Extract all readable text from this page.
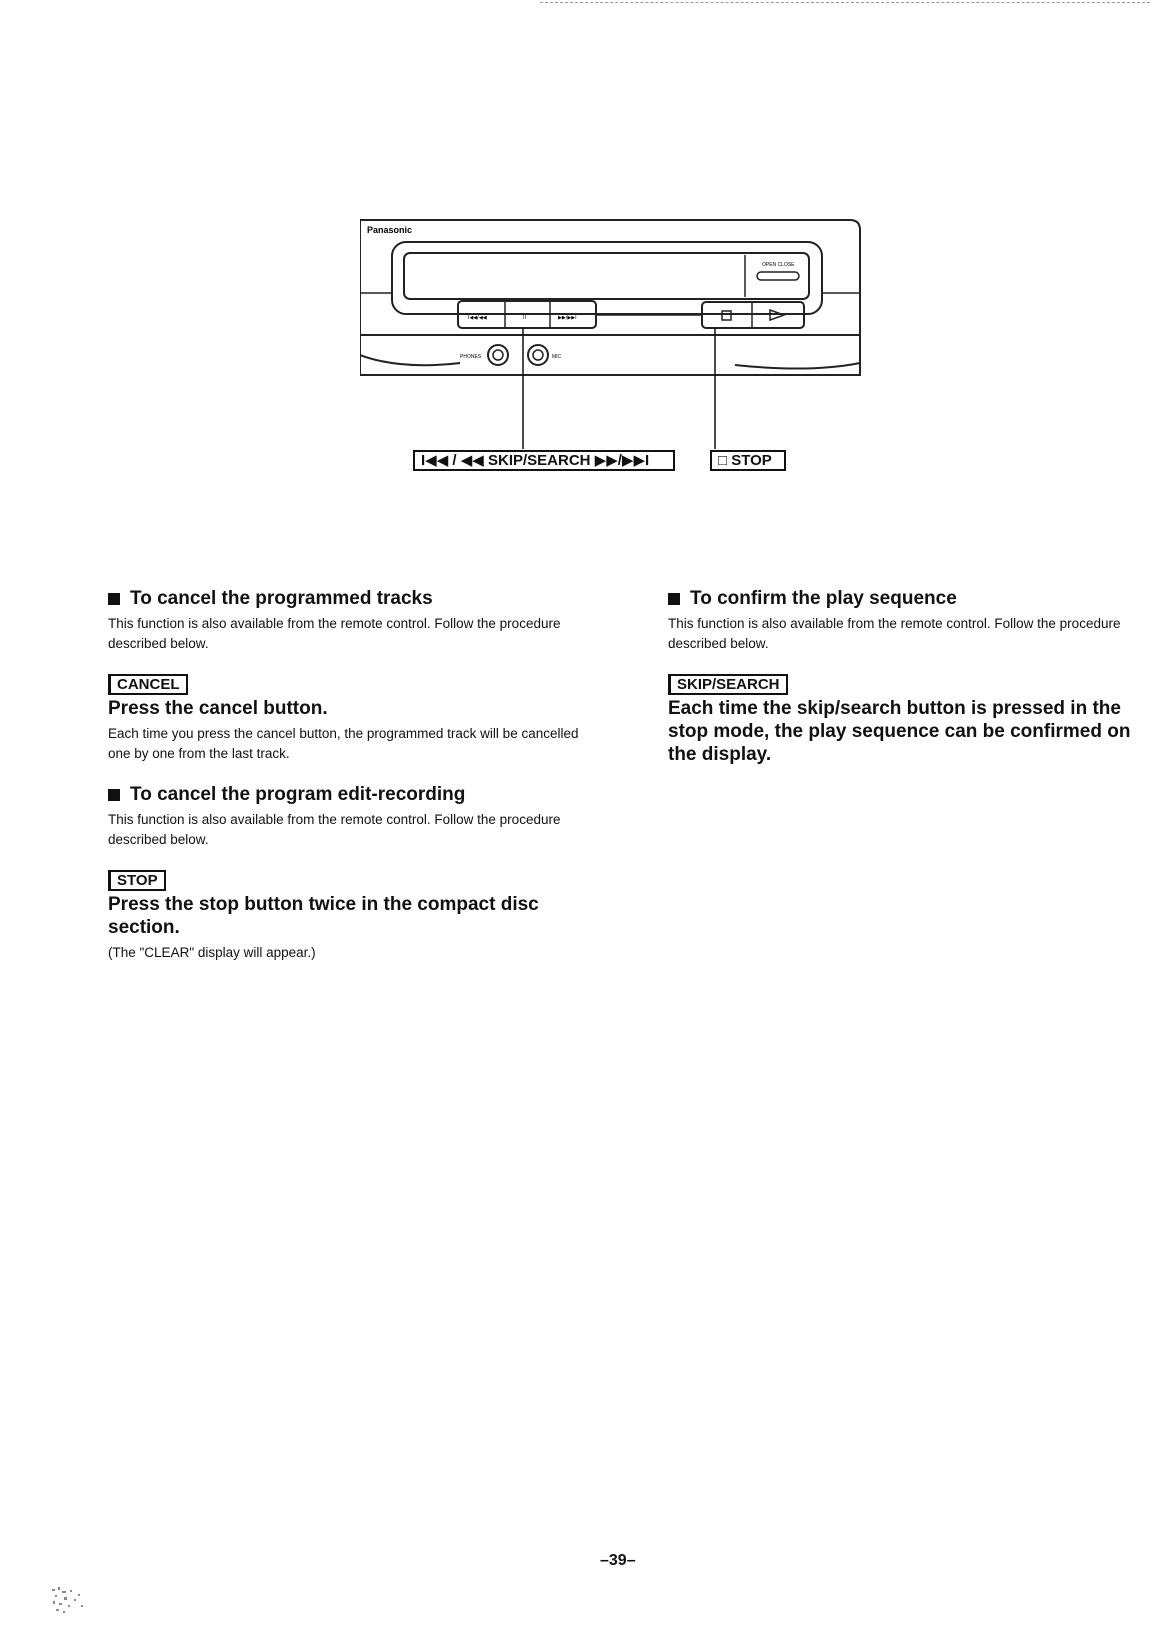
OPEN CLOSE
I◀◀/◀◀	II	▶▶/▶▶I
PHONES	MIC
Panasonic
I◀◀ / ◀◀ SKIP/SEARCH ▶▶/▶▶I	□ STOP
To cancel the programmed tracks

This function is also available from the remote control. Follow the procedure described below.

CANCEL
Press the cancel button.

Each time you press the cancel button, the programmed track will be cancelled one by one from the last track.

To cancel the program edit-recording

This function is also available from the remote control. Follow the procedure described below.

STOP
Press the stop button twice in the compact disc section.

(The "CLEAR" display will appear.)

To confirm the play sequence

This function is also available from the remote control. Follow the procedure described below.

SKIP/SEARCH
Each time the skip/search button is pressed in the stop mode, the play sequence can be confirmed on the display.
–39–
